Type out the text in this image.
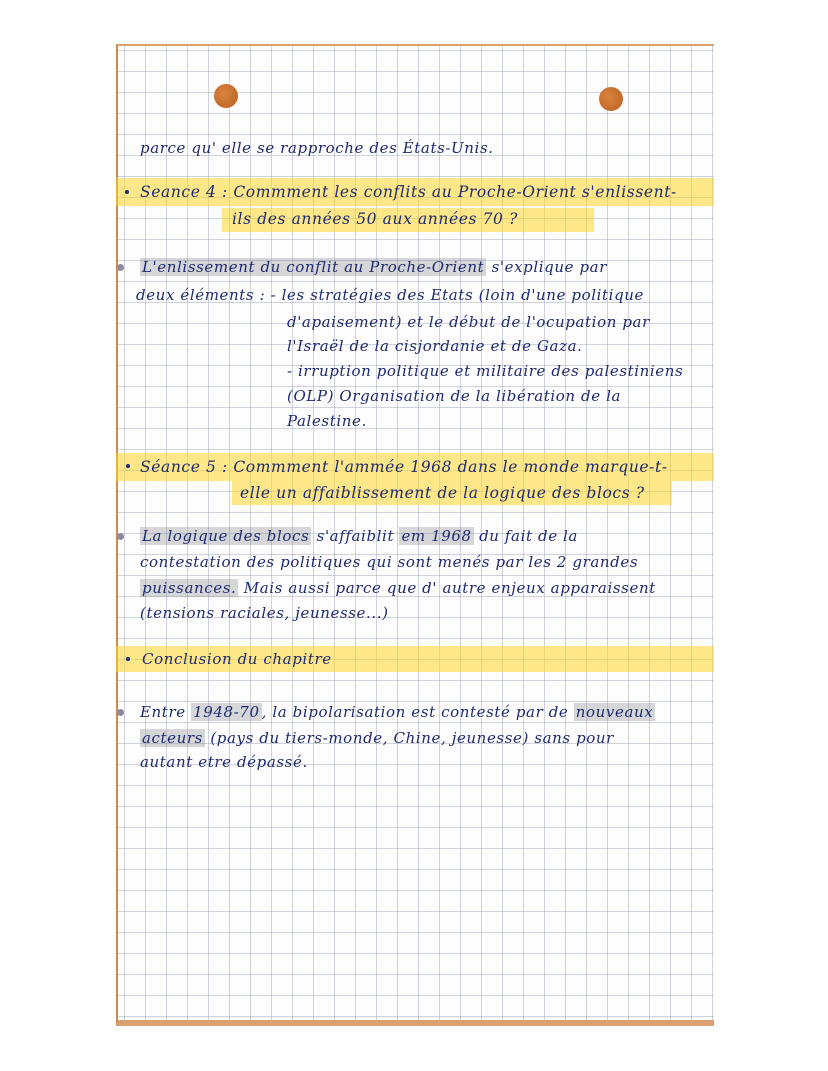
parce qu' elle se rapproche des États-Unis.

Seance 4 : Commment les conflits au Proche-Orient s'enlissent-

ils des années 50 aux années 70 ?

L'enlissement du conflit au Proche-Orient s'explique par

deux éléments : - les stratégies des Etats (loin d'une politique

d'apaisement) et le début de l'ocupation par

l'Israël de la cisjordanie et de Gaza.

- irruption politique et militaire des palestiniens

(OLP) Organisation de la libération de la

Palestine.

Séance 5 : Commment l'ammée 1968 dans le monde marque-t-

elle un affaiblissement de la logique des blocs ?

La logique des blocs s'affaiblit em 1968 du fait de la

contestation des politiques qui sont menés par les 2 grandes

puissances. Mais aussi parce que d' autre enjeux apparaissent

(tensions raciales, jeunesse...)

Conclusion du chapitre

Entre 1948-70 , la bipolarisation est contesté par de nouveaux

acteurs (pays du tiers-monde, Chine, jeunesse) sans pour

autant etre dépassé.
